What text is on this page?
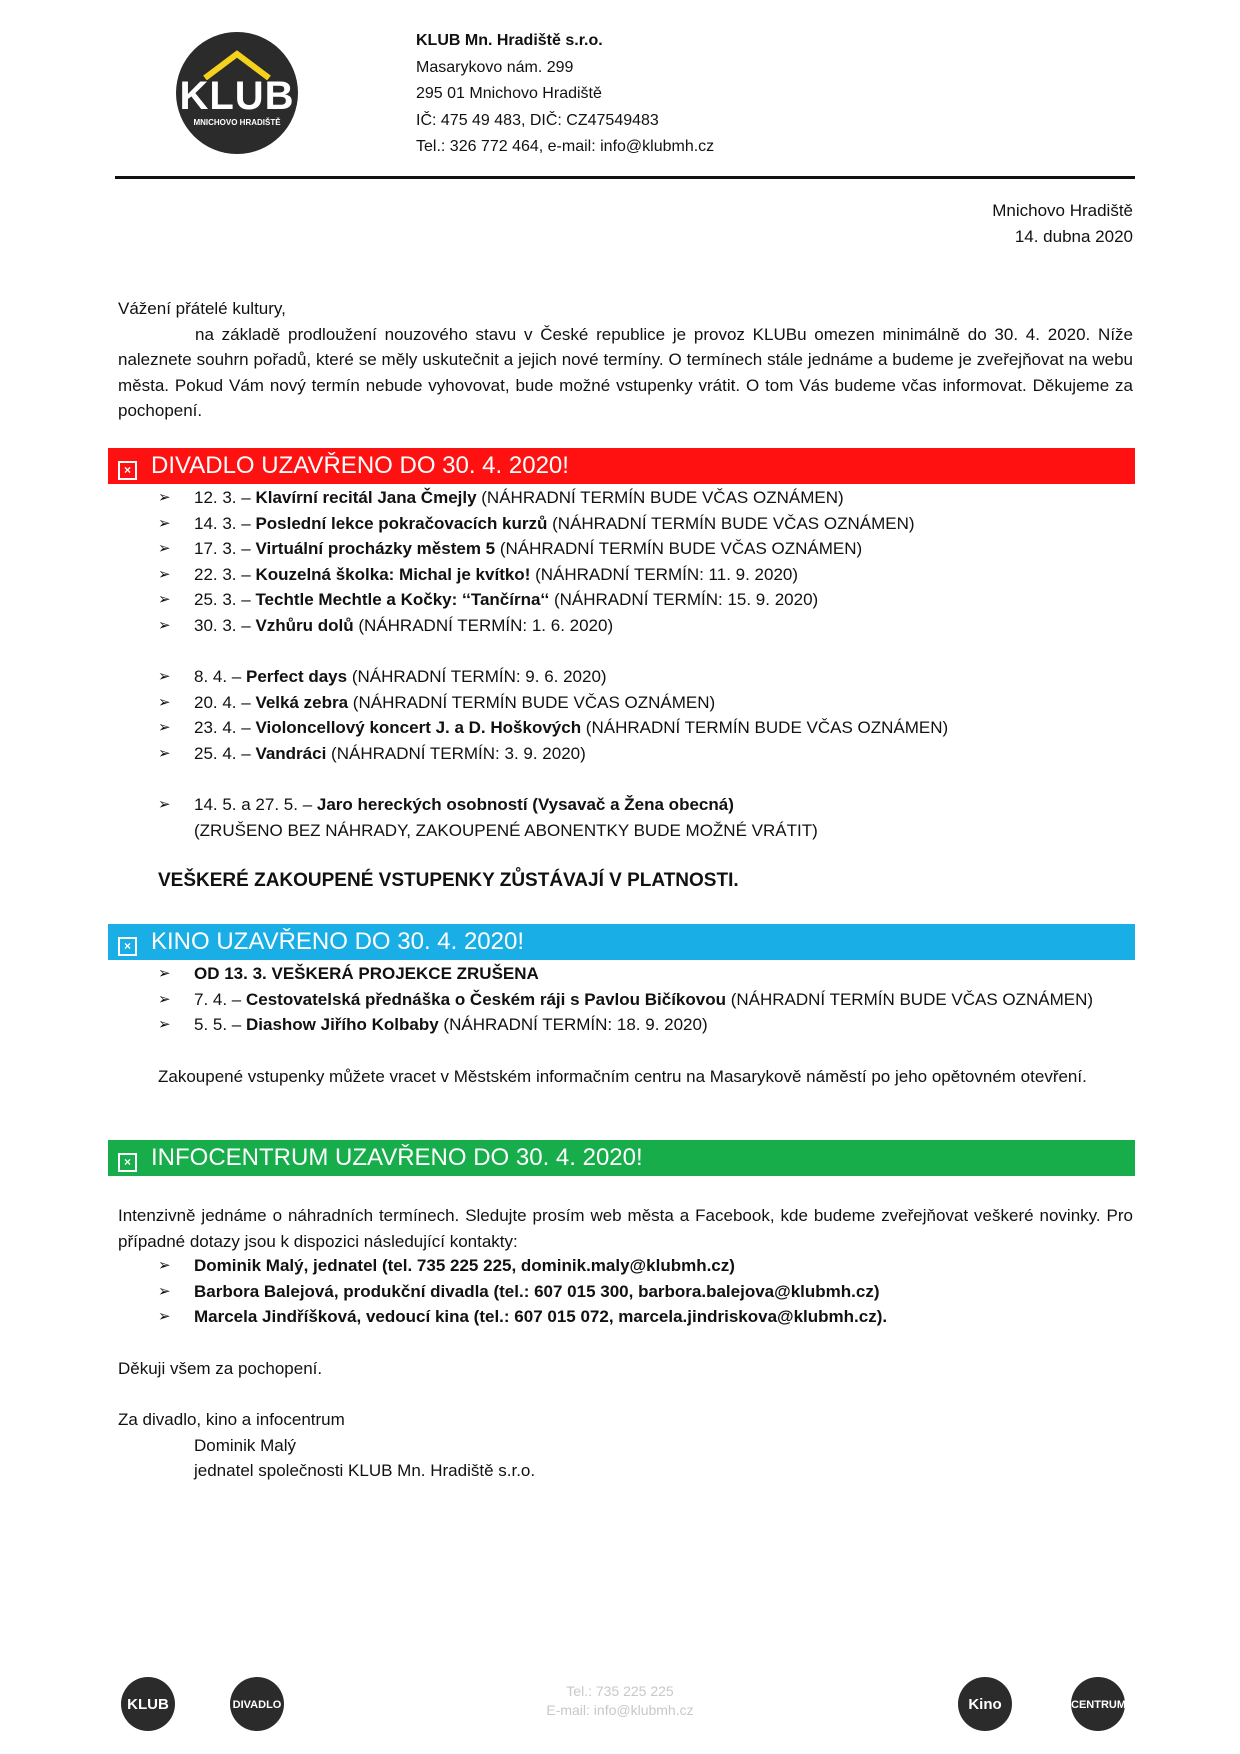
KLUB
MNICHOVO HRADIŠTĚ
KLUB Mn. Hradiště s.r.o.
Masarykovo nám. 299
295 01 Mnichovo Hradiště
IČ: 475 49 483, DIČ: CZ47549483
Tel.: 326 772 464, e-mail: info@klubmh.cz
Mnichovo Hradiště
14. dubna 2020
Vážení přátelé kultury,
na základě prodloužení nouzového stavu v České republice je provoz KLUBu omezen minimálně do 30. 4. 2020. Níže naleznete souhrn pořadů, které se měly uskutečnit a jejich nové termíny. O termínech stále jednáme a budeme je zveřejňovat na webu města. Pokud Vám nový termín nebude vyhovovat, bude možné vstupenky vrátit. O tom Vás budeme včas informovat. Děkujeme za pochopení.
× DIVADLO UZAVŘENO DO 30. 4. 2020!
➢ 12. 3. – Klavírní recitál Jana Čmejly (NÁHRADNÍ TERMÍN BUDE VČAS OZNÁMEN)
➢ 14. 3. – Poslední lekce pokračovacích kurzů (NÁHRADNÍ TERMÍN BUDE VČAS OZNÁMEN)
➢ 17. 3. – Virtuální procházky městem 5 (NÁHRADNÍ TERMÍN BUDE VČAS OZNÁMEN)
➢ 22. 3. – Kouzelná školka: Michal je kvítko! (NÁHRADNÍ TERMÍN: 11. 9. 2020)
➢ 25. 3. – Techtle Mechtle a Kočky: ‘‘Tančírna‘‘ (NÁHRADNÍ TERMÍN: 15. 9. 2020)
➢ 30. 3. – Vzhůru dolů (NÁHRADNÍ TERMÍN: 1. 6. 2020)
➢ 8. 4. – Perfect days (NÁHRADNÍ TERMÍN: 9. 6. 2020)
➢ 20. 4. – Velká zebra (NÁHRADNÍ TERMÍN BUDE VČAS OZNÁMEN)
➢ 23. 4. – Violoncellový koncert J. a D. Hoškových (NÁHRADNÍ TERMÍN BUDE VČAS OZNÁMEN)
➢ 25. 4. – Vandráci (NÁHRADNÍ TERMÍN: 3. 9. 2020)
➢ 14. 5. a 27. 5. – Jaro hereckých osobností (Vysavač a Žena obecná)
(ZRUŠENO BEZ NÁHRADY, ZAKOUPENÉ ABONENTKY BUDE MOŽNÉ VRÁTIT)
VEŠKERÉ ZAKOUPENÉ VSTUPENKY ZŮSTÁVAJÍ V PLATNOSTI.
× KINO UZAVŘENO DO 30. 4. 2020!
➢ OD 13. 3. VEŠKERÁ PROJEKCE ZRUŠENA
➢ 7. 4. – Cestovatelská přednáška o Českém ráji s Pavlou Bičíkovou (NÁHRADNÍ TERMÍN BUDE VČAS OZNÁMEN)
➢ 5. 5. – Diashow Jiřího Kolbaby (NÁHRADNÍ TERMÍN: 18. 9. 2020)
Zakoupené vstupenky můžete vracet v Městském informačním centru na Masarykově náměstí po jeho opětovném otevření.
× INFOCENTRUM UZAVŘENO DO 30. 4. 2020!
Intenzivně jednáme o náhradních termínech. Sledujte prosím web města a Facebook, kde budeme zveřejňovat veškeré novinky. Pro případné dotazy jsou k dispozici následující kontakty:
➢ Dominik Malý, jednatel (tel. 735 225 225, dominik.maly@klubmh.cz)
➢ Barbora Balejová, produkční divadla (tel.: 607 015 300, barbora.balejova@klubmh.cz)
➢ Marcela Jindříšková, vedoucí kina (tel.: 607 015 072, marcela.jindriskova@klubmh.cz).
Děkuji všem za pochopení.
Za divadlo, kino a infocentrum
Dominik Malý
jednatel společnosti KLUB Mn. Hradiště s.r.o.
KLUB	DIVADLO
Tel.: 735 225 225
E-mail: info@klubmh.cz	Kino	CENTRUM
